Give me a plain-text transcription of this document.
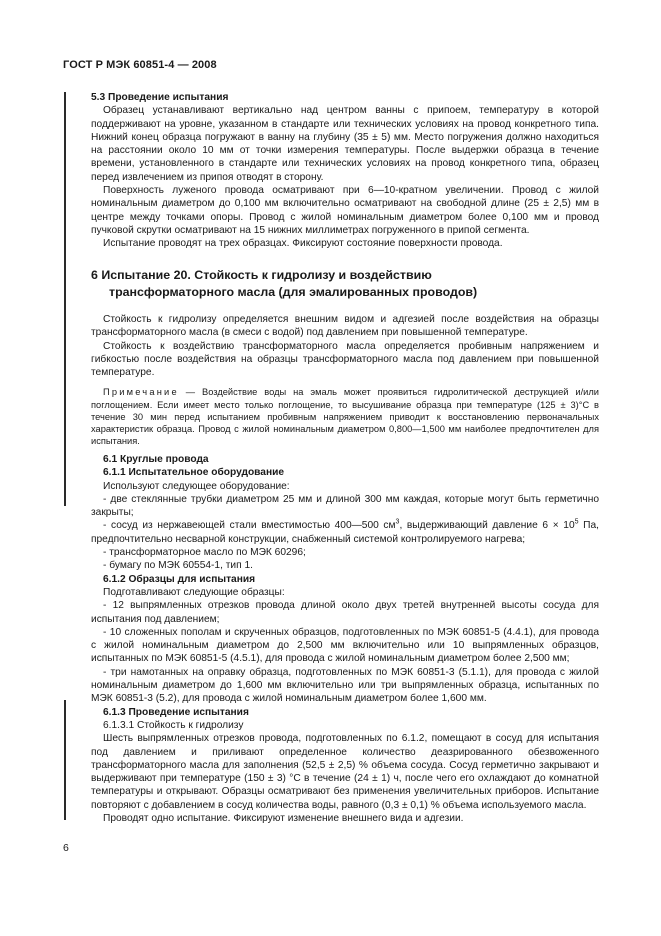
ГОСТ Р МЭК 60851-4 — 2008

5.3 Проведение испытания

Образец устанавливают вертикально над центром ванны с припоем, температуру в которой поддерживают на уровне, указанном в стандарте или технических условиях на провод конкретного типа. Нижний конец образца погружают в ванну на глубину (35 ± 5) мм. Место погружения должно находиться на расстоянии около 10 мм от точки измерения температуры. После выдержки образца в течение времени, установленного в стандарте или технических условиях на провод конкретного типа, образец перед извлечением из припоя отводят в сторону.

Поверхность луженого провода осматривают при 6—10-кратном увеличении. Провод с жилой номинальным диаметром до 0,100 мм включительно осматривают на свободной длине (25 ± 2,5) мм в центре между точками опоры. Провод с жилой номинальным диаметром более 0,100 мм и провод пучковой скрутки осматривают на 15 нижних миллиметрах погруженного в припой сегмента.

Испытание проводят на трех образцах. Фиксируют состояние поверхности провода.

6 Испытание 20. Стойкость к гидролизу и воздействию
трансформаторного масла (для эмалированных проводов)

Стойкость к гидролизу определяется внешним видом и адгезией после воздействия на образцы трансформаторного масла (в смеси с водой) под давлением при повышенной температуре.

Стойкость к воздействию трансформаторного масла определяется пробивным напряжением и гибкостью после воздействия на образцы трансформаторного масла под давлением при повышенной температуре.

Примечание — Воздействие воды на эмаль может проявиться гидролитической деструкцией и/или поглощением. Если имеет место только поглощение, то высушивание образца при температуре (125 ± 3)°С в течение 30 мин перед испытанием пробивным напряжением приводит к восстановлению первоначальных характеристик образца. Провод с жилой номинальным диаметром 0,800—1,500 мм наиболее предпочтителен для испытания.

6.1 Круглые провода

6.1.1 Испытательное оборудование

Используют следующее оборудование:

- две стеклянные трубки диаметром 25 мм и длиной 300 мм каждая, которые могут быть герметично закрыты;

- сосуд из нержавеющей стали вместимостью 400—500 $см^3$, выдерживающий давление $6 \times 10^5$ Па, предпочтительно несварной конструкции, снабженный системой контролируемого нагрева;

- трансформаторное масло по МЭК 60296;

- бумагу по МЭК 60554-1, тип 1.

6.1.2 Образцы для испытания

Подготавливают следующие образцы:

- 12 выпрямленных отрезков провода длиной около двух третей внутренней высоты сосуда для испытания под давлением;

- 10 сложенных пополам и скрученных образцов, подготовленных по МЭК 60851-5 (4.4.1), для провода с жилой номинальным диаметром до 2,500 мм включительно или 10 выпрямленных образцов, испытанных по МЭК 60851-5 (4.5.1), для провода с жилой номинальным диаметром более 2,500 мм;

- три намотанных на оправку образца, подготовленных по МЭК 60851-3 (5.1.1), для провода с жилой номинальным диаметром до 1,600 мм включительно или три выпрямленных образца, испытанных по МЭК 60851-3 (5.2), для провода с жилой номинальным диаметром более 1,600 мм.

6.1.3 Проведение испытания

6.1.3.1 Стойкость к гидролизу

Шесть выпрямленных отрезков провода, подготовленных по 6.1.2, помещают в сосуд для испытания под давлением и приливают определенное количество деазрированного обезвоженного трансформаторного масла для заполнения (52,5 ± 2,5) % объема сосуда. Сосуд герметично закрывают и выдерживают при температуре (150 ± 3) °С в течение (24 ± 1) ч, после чего его охлаждают до комнатной температуры и открывают. Образцы осматривают без применения увеличительных приборов. Испытание повторяют с добавлением в сосуд количества воды, равного (0,3 ± 0,1) % объема используемого масла.

Проводят одно испытание. Фиксируют изменение внешнего вида и адгезии.

6
